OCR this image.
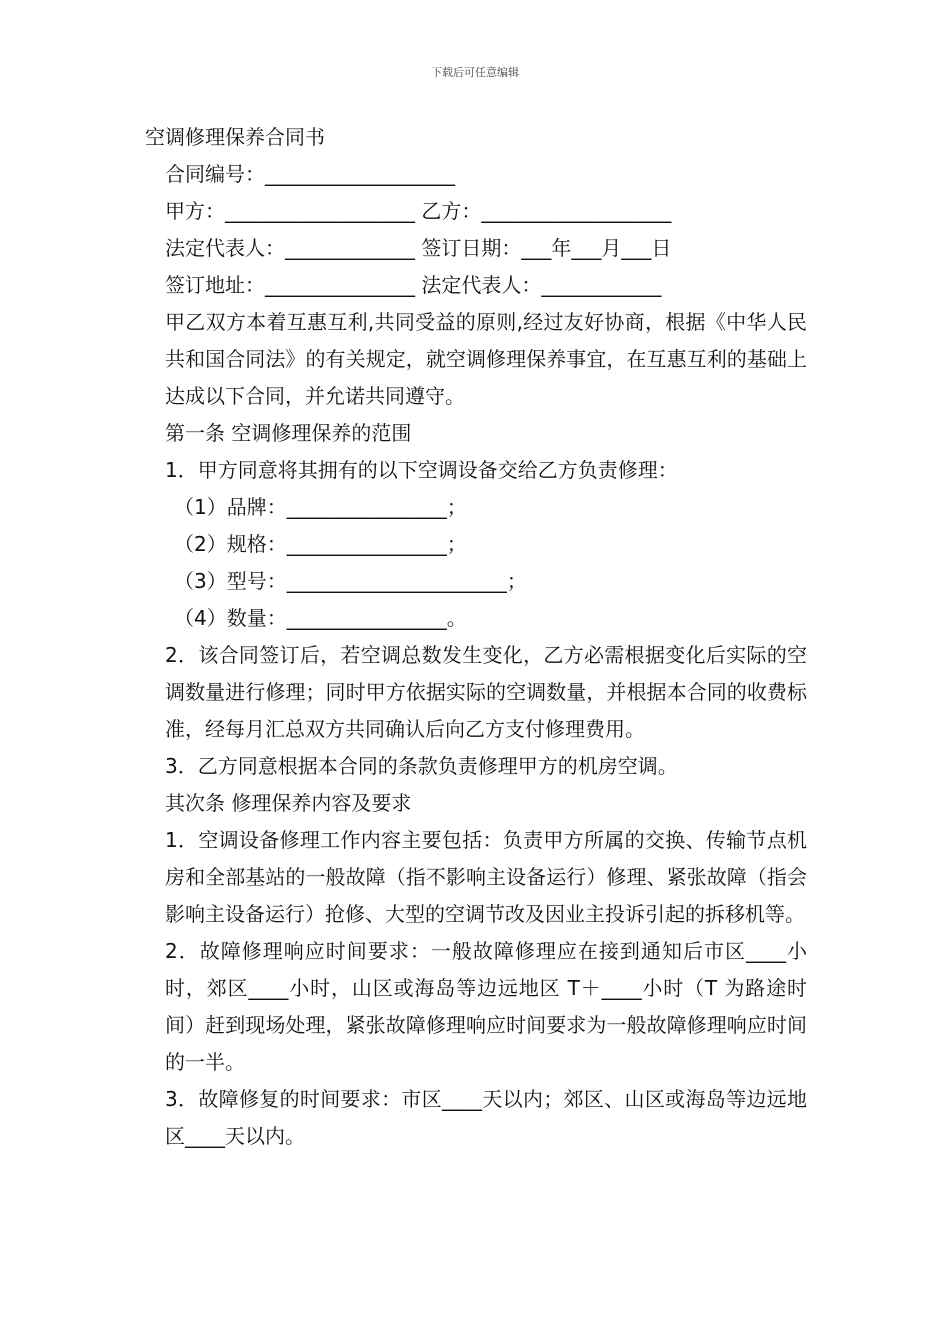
下载后可任意编辑

空调修理保养合同书

合同编号：___________________

甲方：___________________ 乙方：___________________

法定代表人：_____________ 签订日期：___年___月___日

签订地址：_______________ 法定代表人：____________

甲乙双方本着互惠互利,共同受益的原则,经过友好协商，根据《中华人民共和国合同法》的有关规定，就空调修理保养事宜，在互惠互利的基础上达成以下合同，并允诺共同遵守。

第一条 空调修理保养的范围

1．甲方同意将其拥有的以下空调设备交给乙方负责修理：

（1）品牌：________________；

（2）规格：________________；

（3）型号：______________________；

（4）数量：________________。

2．该合同签订后，若空调总数发生变化，乙方必需根据变化后实际的空调数量进行修理；同时甲方依据实际的空调数量，并根据本合同的收费标准，经每月汇总双方共同确认后向乙方支付修理费用。

3．乙方同意根据本合同的条款负责修理甲方的机房空调。

其次条 修理保养内容及要求

1．空调设备修理工作内容主要包括：负责甲方所属的交换、传输节点机房和全部基站的一般故障（指不影响主设备运行）修理、紧张故障（指会影响主设备运行）抢修、大型的空调节改及因业主投诉引起的拆移机等。

2．故障修理响应时间要求：一般故障修理应在接到通知后市区____小时，郊区____小时，山区或海岛等边远地区 T＋____小时（T 为路途时间）赶到现场处理，紧张故障修理响应时间要求为一般故障修理响应时间的一半。

3．故障修复的时间要求：市区____天以内；郊区、山区或海岛等边远地区____天以内。
